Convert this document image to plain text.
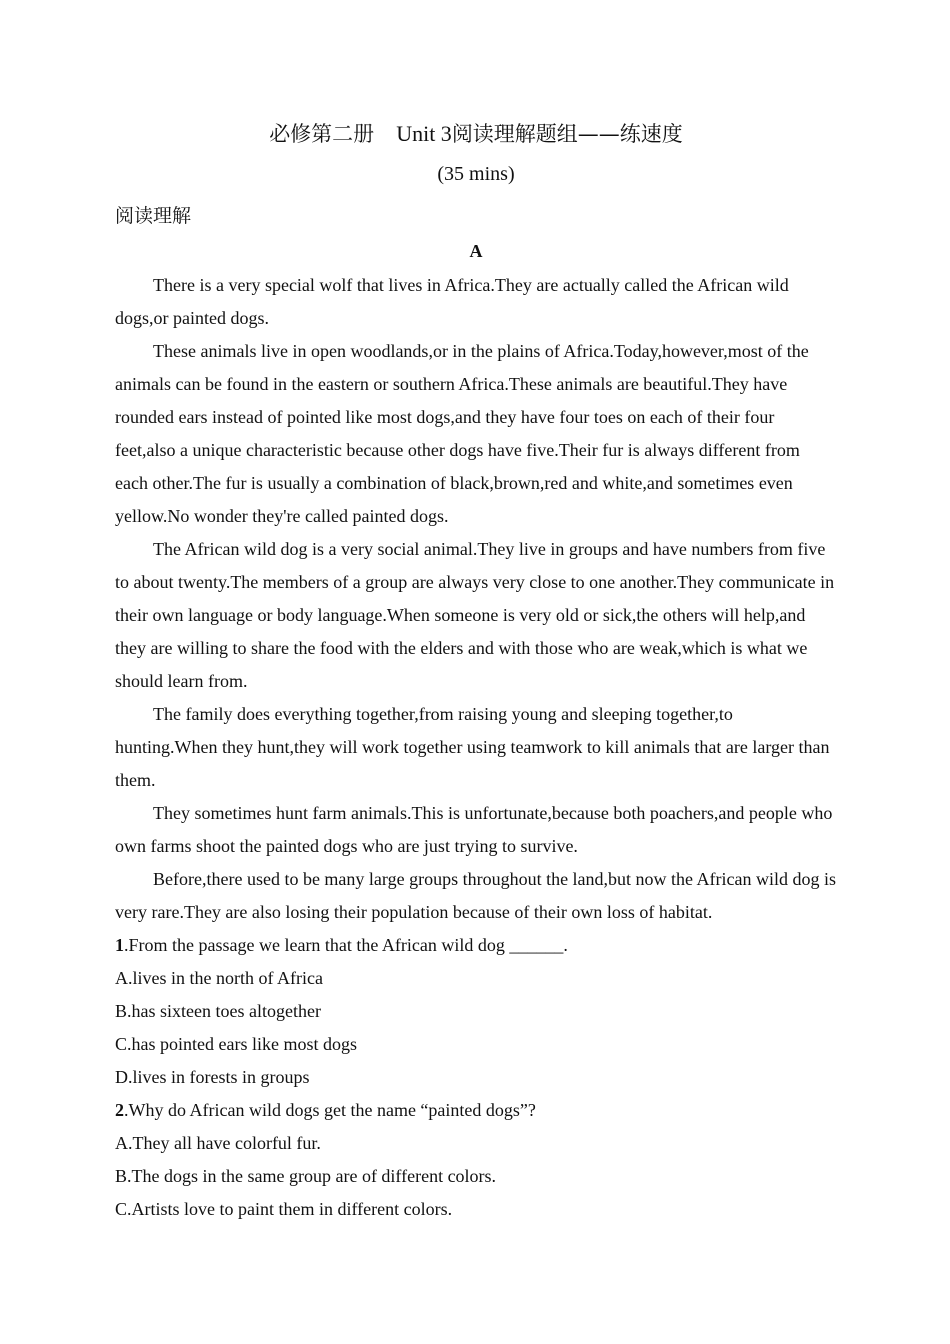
必修第二册 Unit 3阅读理解题组——练速度
(35 mins)
阅读理解
A

There is a very special wolf that lives in Africa.They are actually called the African wild dogs,or painted dogs.

These animals live in open woodlands,or in the plains of Africa.Today,however,most of the animals can be found in the eastern or southern Africa.These animals are beautiful.They have rounded ears instead of pointed like most dogs,and they have four toes on each of their four feet,also a unique characteristic because other dogs have five.Their fur is always different from each other.The fur is usually a combination of black,brown,red and white,and sometimes even yellow.No wonder they're called painted dogs.

The African wild dog is a very social animal.They live in groups and have numbers from five to about twenty.The members of a group are always very close to one another.They communicate in their own language or body language.When someone is very old or sick,the others will help,and they are willing to share the food with the elders and with those who are weak,which is what we should learn from.

The family does everything together,from raising young and sleeping together,to hunting.When they hunt,they will work together using teamwork to kill animals that are larger than them.

They sometimes hunt farm animals.This is unfortunate,because both poachers,and people who own farms shoot the painted dogs who are just trying to survive.

Before,there used to be many large groups throughout the land,but now the African wild dog is very rare.They are also losing their population because of their own loss of habitat.

1.From the passage we learn that the African wild dog ______.

A.lives in the north of Africa

B.has sixteen toes altogether

C.has pointed ears like most dogs

D.lives in forests in groups

2.Why do African wild dogs get the name “painted dogs”?

A.They all have colorful fur.

B.The dogs in the same group are of different colors.

C.Artists love to paint them in different colors.
